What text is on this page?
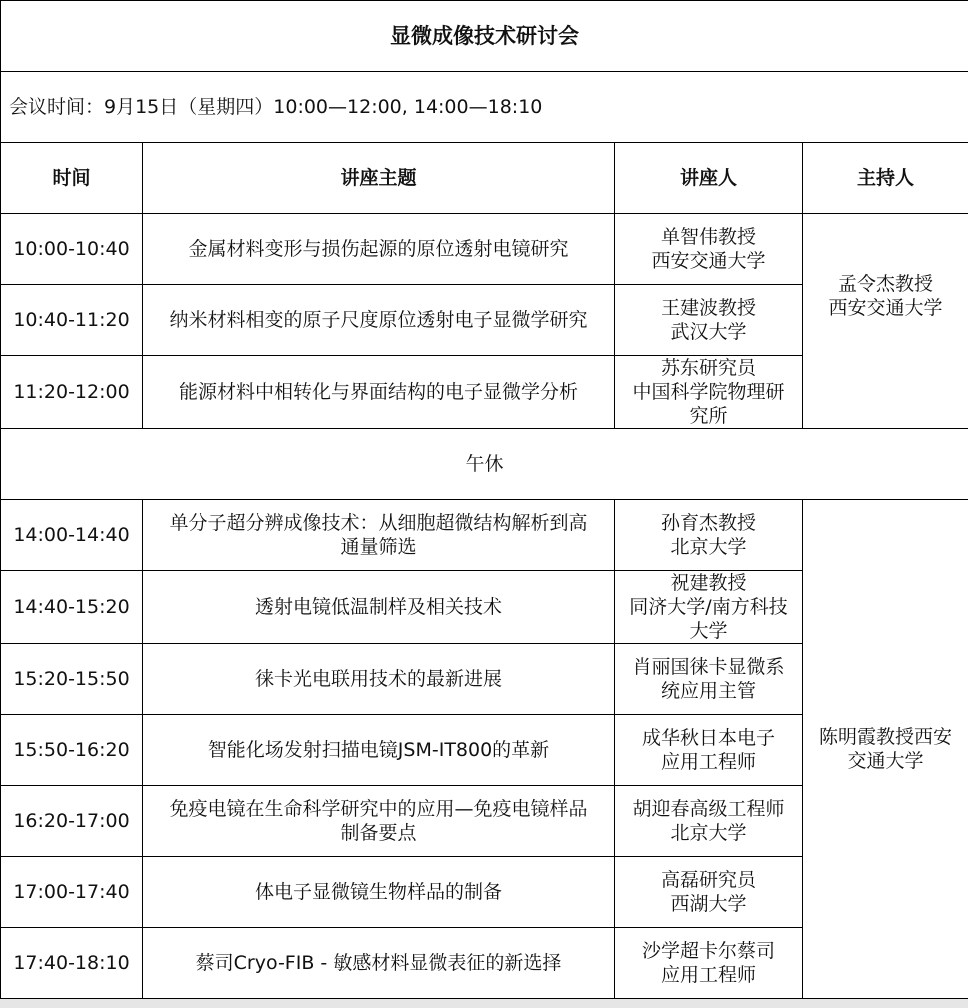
显微成像技术研讨会			
会议时间：9月15日（星期四）10:00—12:00, 14:00—18:10			
时间	讲座主题	讲座人	主持人
10:00-10:40	金属材料变形与损伤起源的原位透射电镜研究	单智伟教授
西安交通大学	孟令杰教授
西安交通大学

10:40-11:20	纳米材料相变的原子尺度原位透射电子显微学研究	王建波教授
武汉大学	

11:20-12:00	能源材料中相转化与界面结构的电子显微学分析	苏东研究员
中国科学院物理研
究所	

午休			
14:00-14:40	单分子超分辨成像技术：从细胞超微结构解析到高
通量筛选	孙育杰教授
北京大学	陈明霞教授西安
交通大学

14:40-15:20	透射电镜低温制样及相关技术	祝建教授
同济大学/南方科技
大学	

15:20-15:50	徕卡光电联用技术的最新进展	肖丽国徕卡显微系
统应用主管	

15:50-16:20	智能化场发射扫描电镜JSM-IT800的革新	成华秋日本电子
应用工程师	

16:20-17:00	免疫电镜在生命科学研究中的应用—免疫电镜样品
制备要点	胡迎春高级工程师
北京大学	

17:00-17:40	体电子显微镜生物样品的制备	高磊研究员
西湖大学	

17:40-18:10	蔡司Cryo-FIB - 敏感材料显微表征的新选择	沙学超卡尔蔡司
应用工程师	
